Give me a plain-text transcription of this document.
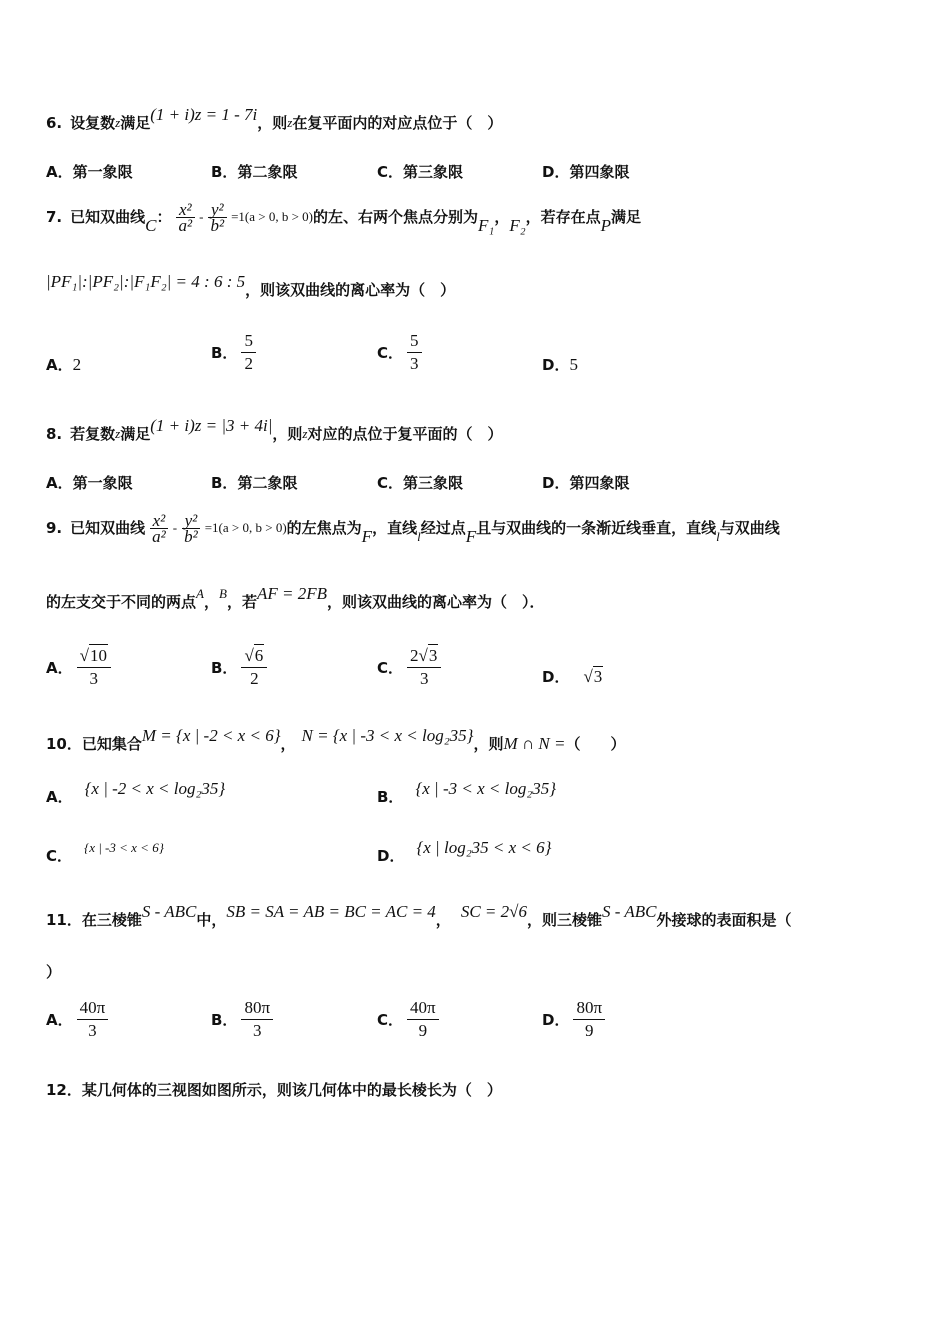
6. 设复数 z 满足 (1 + i)z = 1 - 7i ，则 z 在复平面内的对应点位于（　）
A． 第一象限	B． 第二象限	C． 第三象限	D． 第四象限
7. 已知双曲线 C ： $\frac{\text{x²}}{\text{a²}} - \frac{\text{y²}}{\text{b²}} =1(a > 0$, b > 0) 的左、右两个焦点分别为 F₁ ， F₂ ，若存在点 P 满足
|PF₁|:|PF₂|:|F₁F₂| = 4 : 6 : 5 ，则该双曲线的离心率为（　）
A． 2
B． $\frac{5}{2}$	C． $\frac{5}{3}$	D． 5
8. 若复数 z 满足 (1 + i)z = |3 + 4i| ，则 z 对应的点位于复平面的（　）
A． 第一象限	B． 第二象限	C． 第三象限	D． 第四象限
9. 已知双曲线 $\frac{\text{x²}}{\text{a²}} - \frac{\text{y²}}{\text{b²}} =1(a > 0$, b > 0) 的左焦点为 F ，直线 l 经过点 F 且与双曲线的一条渐近线垂直，直线 l 与双曲线
的左支交于不同的两点 A ， B ，若 AF = 2FB ，则该双曲线的离心率为（　）．
A． $\frac{√ 10}{3}$	B． $\frac{√ 6}{2}$	C． $\frac{2√ 3}{3}$	D． √ 3
10． 已知集合 M = {x | -2 < x < 6} ， N = {x | -3 < x < log₂35} ，则 M ∩ N = （　　）
A． {x | -2 < x < log₂35}	B． {x | -3 < x < log₂35}
C． {x | -3 < x < 6}	D． {x | log₂35 < x < 6}
11． 在三棱锥 S - ABC 中， SB = SA = AB = BC = AC = 4 ， SC = 2√6 ，则三棱锥 S - ABC 外接球的表面积是（
）
A． $\frac{40\pi}{3}$	B． $\frac{80\pi}{3}$	C． $\frac{40\pi}{9}$	D． $\frac{80\pi}{9}$
12． 某几何体的三视图如图所示，则该几何体中的最长棱长为（　）
